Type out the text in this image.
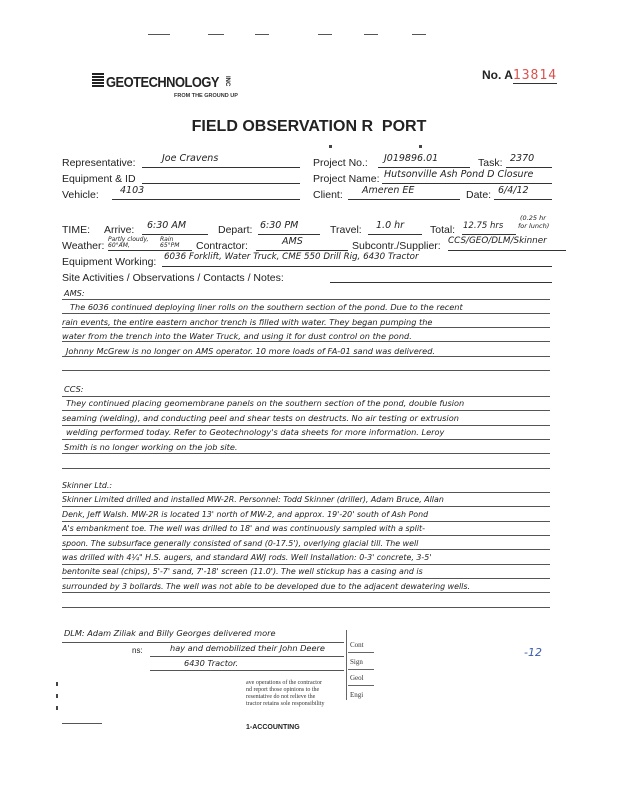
GEOTECHNOLOGY INC
FROM THE GROUND UP
No. A13814
FIELD OBSERVATION R  PORT
Representative:	Joe Cravens	Project No.: J019896.01	Task: 2370
Equipment & ID	Project Name: Hutsonville Ash Pond D Closure
Vehicle: 4103	Client: Ameren EE	Date: 6/4/12
TIME: Arrive: 6:30 AM	Depart: 6:30 PM	Travel: 1.0 hr Total: 12.75 hrs
(0.25 hr
for lunch)
Weather:
Partly cloudy, 60°AM,
Rain 65°PM	Contractor:	AMS	Subcontr./Supplier: CCS/GEO/DLM/Skinner
Equipment Working: 6036 Forklift, Water Truck, CME 550 Drill Rig, 6430 Tractor
Site Activities / Observations / Contacts / Notes:
AMS:
The 6036 continued deploying liner rolls on the southern section of the pond. Due to the recent
rain events, the entire eastern anchor trench is filled with water. They began pumping the
water from the trench into the Water Truck, and using it for dust control on the pond.
Johnny McGrew is no longer on AMS operator. 10 more loads of FA-01 sand was delivered.
CCS:
They continued placing geomembrane panels on the southern section of the pond, double fusion
seaming (welding), and conducting peel and shear tests on destructs. No air testing or extrusion
welding performed today. Refer to Geotechnology's data sheets for more information. Leroy
Smith is no longer working on the job site.
Skinner Ltd.:
Skinner Limited drilled and installed MW-2R. Personnel: Todd Skinner (driller), Adam Bruce, Allan
Denk, Jeff Walsh. MW-2R is located 13' north of MW-2, and approx. 19'-20' south of Ash Pond
A's embankment toe. The well was drilled to 18' and was continuously sampled with a split-
spoon. The subsurface generally consisted of sand (0-17.5'), overlying glacial till. The well
was drilled with 4¼" H.S. augers, and standard AWJ rods. Well Installation: 0-3' concrete, 3-5'
bentonite seal (chips), 5'-7' sand, 7'-18' screen (11.0'). The well stickup has a casing and is
surrounded by 3 bollards. The well was not able to be developed due to the adjacent dewatering wells.
DLM: Adam Ziliak and Billy Georges delivered more
hay and demobilized their John Deere
6430 Tractor.
ns:
Cont
Sign
Geol
Engi
-12
ave operations of the contractor
nd report those opinions to the
resentative do not relieve the
tractor retains sole responsibility
1-ACCOUNTING
